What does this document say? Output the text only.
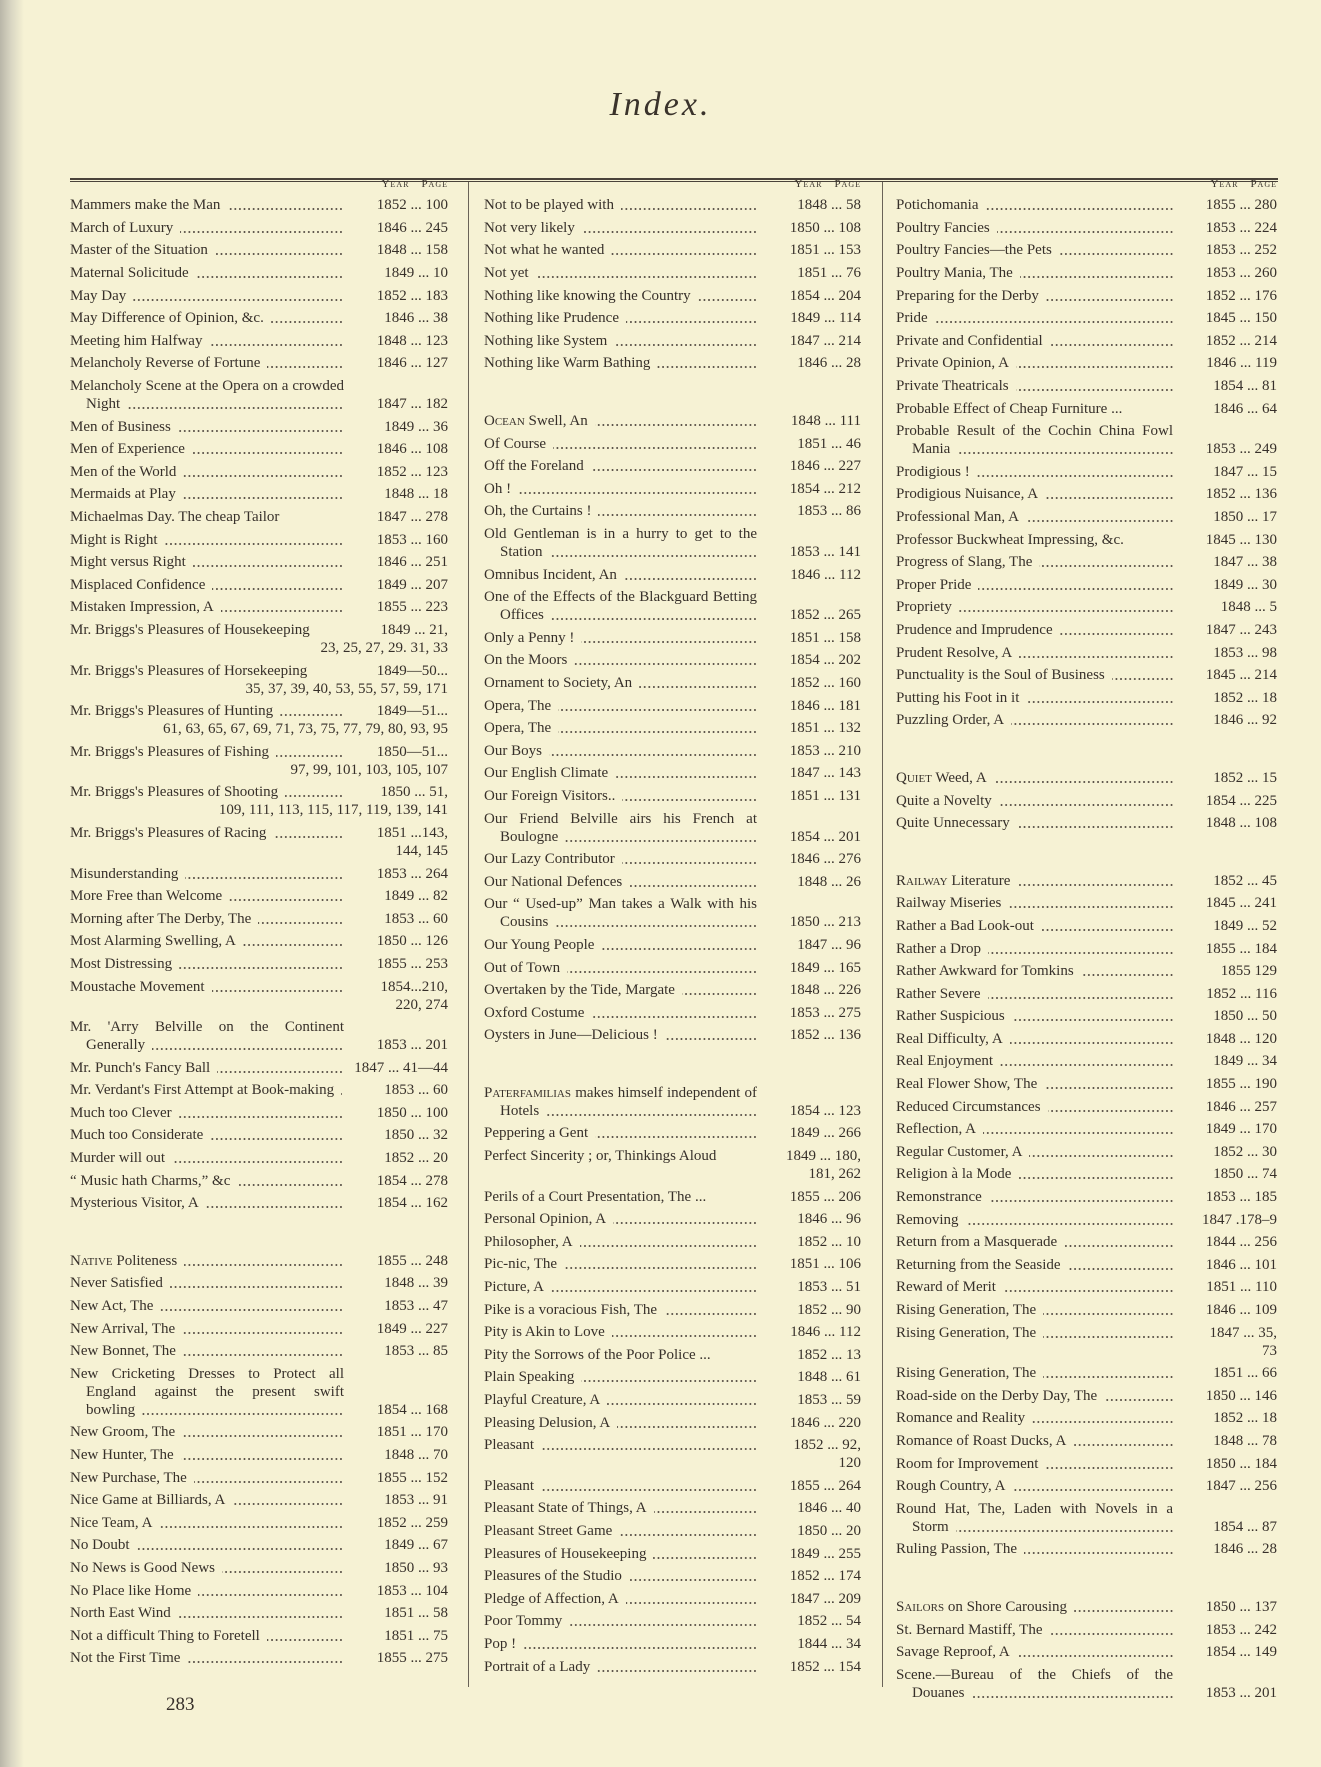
Index.
Year Page
Mammers make the Man	1852 ... 100
March of Luxury	1846 ... 245
Master of the Situation	1848 ... 158
Maternal Solicitude	1849 ... 10
May Day	1852 ... 183
May Difference of Opinion, &c.	1846 ... 38
Meeting him Halfway	1848 ... 123
Melancholy Reverse of Fortune	1846 ... 127
Melancholy Scene at the Opera on a crowded Night	1847 ... 182
Men of Business	1849 ... 36
Men of Experience	1846 ... 108
Men of the World	1852 ... 123
Mermaids at Play	1848 ... 18
Michaelmas Day. The cheap Tailor	1847 ... 278
Might is Right	1853 ... 160
Might versus Right	1846 ... 251
Misplaced Confidence	1849 ... 207
Mistaken Impression, A	1855 ... 223
Mr. Briggs's Pleasures of Housekeeping	1849 ... 21,
23, 25, 27, 29. 31, 33
Mr. Briggs's Pleasures of Horsekeeping	1849—50...
35, 37, 39, 40, 53, 55, 57, 59, 171
Mr. Briggs's Pleasures of Hunting	1849—51...
61, 63, 65, 67, 69, 71, 73, 75, 77, 79, 80, 93, 95
Mr. Briggs's Pleasures of Fishing	1850—51...
97, 99, 101, 103, 105, 107
Mr. Briggs's Pleasures of Shooting	1850 ... 51,
109, 111, 113, 115, 117, 119, 139, 141
Mr. Briggs's Pleasures of Racing	1851 ...143,
144, 145
Misunderstanding	1853 ... 264
More Free than Welcome	1849 ... 82
Morning after The Derby, The	1853 ... 60
Most Alarming Swelling, A	1850 ... 126
Most Distressing	1855 ... 253
Moustache Movement	1854...210,
220, 274
Mr. 'Arry Belville on the Continent Generally	1853 ... 201
Mr. Punch's Fancy Ball	1847 ... 41—44
Mr. Verdant's First Attempt at Book-making	1853 ... 60
Much too Clever	1850 ... 100
Much too Considerate	1850 ... 32
Murder will out	1852 ... 20
“ Music hath Charms,” &c	1854 ... 278
Mysterious Visitor, A	1854 ... 162
Native Politeness	1855 ... 248
Never Satisfied	1848 ... 39
New Act, The	1853 ... 47
New Arrival, The	1849 ... 227
New Bonnet, The	1853 ... 85
New Cricketing Dresses to Protect all England against the present swift bowling	1854 ... 168
New Groom, The	1851 ... 170
New Hunter, The	1848 ... 70
New Purchase, The	1855 ... 152
Nice Game at Billiards, A	1853 ... 91
Nice Team, A	1852 ... 259
No Doubt	1849 ... 67
No News is Good News	1850 ... 93
No Place like Home	1853 ... 104
North East Wind	1851 ... 58
Not a difficult Thing to Foretell	1851 ... 75
Not the First Time	1855 ... 275
Year Page
Not to be played with	1848 ... 58
Not very likely	1850 ... 108
Not what he wanted	1851 ... 153
Not yet	1851 ... 76
Nothing like knowing the Country	1854 ... 204
Nothing like Prudence	1849 ... 114
Nothing like System	1847 ... 214
Nothing like Warm Bathing	1846 ... 28
Ocean Swell, An	1848 ... 111
Of Course	1851 ... 46
Off the Foreland	1846 ... 227
Oh !	1854 ... 212
Oh, the Curtains !	1853 ... 86
Old Gentleman is in a hurry to get to the Station	1853 ... 141
Omnibus Incident, An	1846 ... 112
One of the Effects of the Blackguard Betting Offices	1852 ... 265
Only a Penny !	1851 ... 158
On the Moors	1854 ... 202
Ornament to Society, An	1852 ... 160
Opera, The	1846 ... 181
Opera, The	1851 ... 132
Our Boys	1853 ... 210
Our English Climate	1847 ... 143
Our Foreign Visitors..	1851 ... 131
Our Friend Belville airs his French at Boulogne	1854 ... 201
Our Lazy Contributor	1846 ... 276
Our National Defences	1848 ... 26
Our “ Used-up” Man takes a Walk with his Cousins	1850 ... 213
Our Young People	1847 ... 96
Out of Town	1849 ... 165
Overtaken by the Tide, Margate	1848 ... 226
Oxford Costume	1853 ... 275
Oysters in June—Delicious !	1852 ... 136
Paterfamilias makes himself independent of Hotels	1854 ... 123
Peppering a Gent	1849 ... 266
Perfect Sincerity ; or, Thinkings Aloud	1849 ... 180,
181, 262
Perils of a Court Presentation, The ...	1855 ... 206
Personal Opinion, A	1846 ... 96
Philosopher, A	1852 ... 10
Pic-nic, The	1851 ... 106
Picture, A	1853 ... 51
Pike is a voracious Fish, The	1852 ... 90
Pity is Akin to Love	1846 ... 112
Pity the Sorrows of the Poor Police ...	1852 ... 13
Plain Speaking	1848 ... 61
Playful Creature, A	1853 ... 59
Pleasing Delusion, A	1846 ... 220
Pleasant	1852 ... 92,
120
Pleasant	1855 ... 264
Pleasant State of Things, A	1846 ... 40
Pleasant Street Game	1850 ... 20
Pleasures of Housekeeping	1849 ... 255
Pleasures of the Studio	1852 ... 174
Pledge of Affection, A	1847 ... 209
Poor Tommy	1852 ... 54
Pop !	1844 ... 34
Portrait of a Lady	1852 ... 154
Year Page
Potichomania	1855 ... 280
Poultry Fancies	1853 ... 224
Poultry Fancies—the Pets	1853 ... 252
Poultry Mania, The	1853 ... 260
Preparing for the Derby	1852 ... 176
Pride	1845 ... 150
Private and Confidential	1852 ... 214
Private Opinion, A	1846 ... 119
Private Theatricals	1854 ... 81
Probable Effect of Cheap Furniture ...	1846 ... 64
Probable Result of the Cochin China Fowl Mania	1853 ... 249
Prodigious !	1847 ... 15
Prodigious Nuisance, A	1852 ... 136
Professional Man, A	1850 ... 17
Professor Buckwheat Impressing, &c.	1845 ... 130
Progress of Slang, The	1847 ... 38
Proper Pride	1849 ... 30
Propriety	1848 ... 5
Prudence and Imprudence	1847 ... 243
Prudent Resolve, A	1853 ... 98
Punctuality is the Soul of Business	1845 ... 214
Putting his Foot in it	1852 ... 18
Puzzling Order, A	1846 ... 92
Quiet Weed, A	1852 ... 15
Quite a Novelty	1854 ... 225
Quite Unnecessary	1848 ... 108
Railway Literature	1852 ... 45
Railway Miseries	1845 ... 241
Rather a Bad Look-out	1849 ... 52
Rather a Drop	1855 ... 184
Rather Awkward for Tomkins	1855 129
Rather Severe	1852 ... 116
Rather Suspicious	1850 ... 50
Real Difficulty, A	1848 ... 120
Real Enjoyment	1849 ... 34
Real Flower Show, The	1855 ... 190
Reduced Circumstances	1846 ... 257
Reflection, A	1849 ... 170
Regular Customer, A	1852 ... 30
Religion à la Mode	1850 ... 74
Remonstrance	1853 ... 185
Removing	1847 .178–9
Return from a Masquerade	1844 ... 256
Returning from the Seaside	1846 ... 101
Reward of Merit	1851 ... 110
Rising Generation, The	1846 ... 109
Rising Generation, The	1847 ... 35,
73
Rising Generation, The	1851 ... 66
Road-side on the Derby Day, The	1850 ... 146
Romance and Reality	1852 ... 18
Romance of Roast Ducks, A	1848 ... 78
Room for Improvement	1850 ... 184
Rough Country, A	1847 ... 256
Round Hat, The, Laden with Novels in a Storm	1854 ... 87
Ruling Passion, The	1846 ... 28
Sailors on Shore Carousing	1850 ... 137
St. Bernard Mastiff, The	1853 ... 242
Savage Reproof, A	1854 ... 149
Scene.—Bureau of the Chiefs of the Douanes	1853 ... 201
283
